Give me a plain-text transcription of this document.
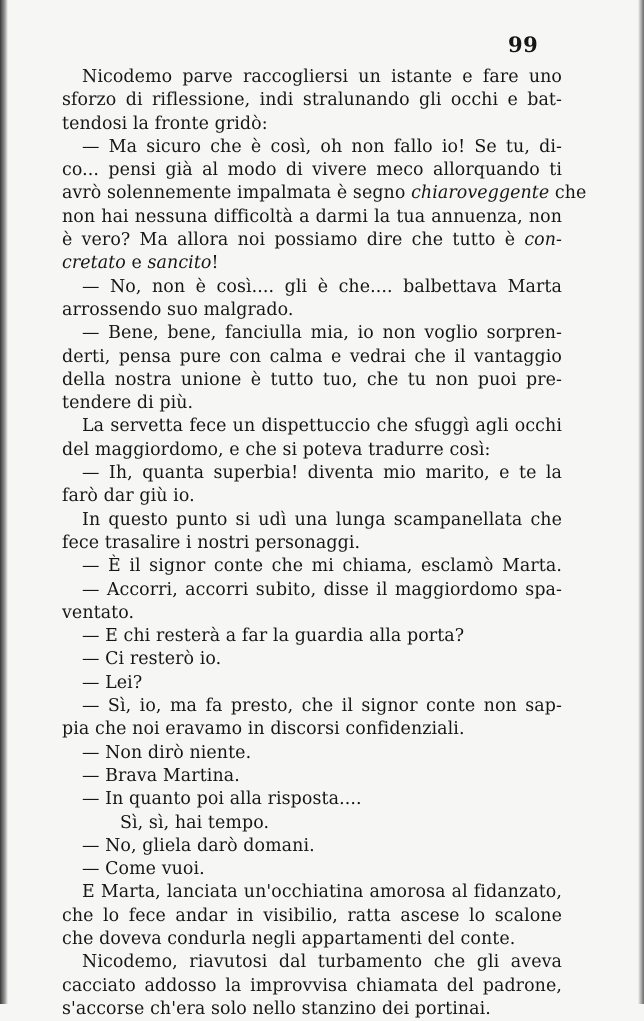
99
Nicodemo parve raccogliersi un istante e fare uno
sforzo di riflessione, indi stralunando gli occhi e bat-
tendosi la fronte gridò:
— Ma sicuro che è così, oh non fallo io! Se tu, di-
co... pensi già al modo di vivere meco allorquando ti
avrò solennemente impalmata è segno chiaroveggente che
non hai nessuna difficoltà a darmi la tua annuenza, non
è vero? Ma allora noi possiamo dire che tutto è con-
cretato e sancito!
— No, non è così.... gli è che.... balbettava Marta
arrossendo suo malgrado.
— Bene, bene, fanciulla mia, io non voglio sorpren-
derti, pensa pure con calma e vedrai che il vantaggio
della nostra unione è tutto tuo, che tu non puoi pre-
tendere di più.
La servetta fece un dispettuccio che sfuggì agli occhi
del maggiordomo, e che si poteva tradurre così:
— Ih, quanta superbia! diventa mio marito, e te la
farò dar giù io.
In questo punto si udì una lunga scampanellata che
fece trasalire i nostri personaggi.
— È il signor conte che mi chiama, esclamò Marta.
— Accorri, accorri subito, disse il maggiordomo spa-
ventato.
— E chi resterà a far la guardia alla porta?
— Ci resterò io.
— Lei?
— Sì, io, ma fa presto, che il signor conte non sap-
pia che noi eravamo in discorsi confidenziali.
— Non dirò niente.
— Brava Martina.
— In quanto poi alla risposta....
Sì, sì, hai tempo.
— No, gliela darò domani.
— Come vuoi.
E Marta, lanciata un'occhiatina amorosa al fidanzato,
che lo fece andar in visibilio, ratta ascese lo scalone
che doveva condurla negli appartamenti del conte.
Nicodemo, riavutosi dal turbamento che gli aveva
cacciato addosso la improvvisa chiamata del padrone,
s'accorse ch'era solo nello stanzino dei portinai.
